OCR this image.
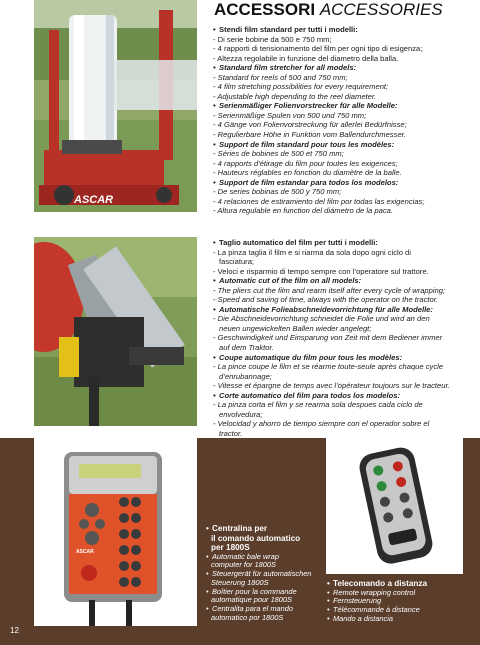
ASCAR
ACCESSORI ACCESSORIES
• Stendi film standard per tutti i modelli:
- Di serie bobine da 500 e 750 mm;
- 4 rapporti di tensionamento del film per ogni tipo di esigenza;
- Altezza regolabile in funzione del diametro della balla.
• Standard film stretcher for all models:
- Standard for reels of 500 and 750 mm;
- 4 film stretching possibilities for every requirement;
- Adjustable high depending to the reel diameter.
• Serienmäßiger Folienvorstrecker für alle Modelle:
- Serienmäßige Spulen von 500 und 750 mm;
- 4 Gänge von Folienvorstreckung für allerlei Bedürfnisse;
- Regulierbare Höhe in Funktion vom Ballendurchmesser.
• Support de film standard pour tous les modèles:
- Séries de bobines de 500 et 750 mm;
- 4 rapports d'étirage du film pour toutes les exigences;
- Hauteurs réglables en fonction du diamètre de la balle.
• Support de film estandar para todos los modelos:
- De series bobinas de 500 y 750 mm;
- 4 relaciones de estiramiento del film por todas las exigencias;
- Altura regulable en function del diámetro de la paca.
• Taglio automatico del film per tutti i modelli:
- La pinza taglia il film e si riarma da sola dopo ogni ciclo di
fasciatura;
- Veloci e risparmio di tempo sempre con l’operatore sul trattore.
• Automatic cut of the film on all models:
- The pliers cut the film and rearm itself after every cycle of wrapping;
- Speed and saving of time, always with the operator on the tractor.
• Automatische Folieabschneidevorrichtung für alle Modelle:
- Die Abschneidevorrichtung schneidet die Folie und wird an den
neuen ungewickelten Ballen wieder angelegt;
- Geschwindigkeit und Einsparung von Zeit mit dem Bediener immer
auf dem Traktor.
• Coupe automatique du film pour tous les modèles:
- La pince coupe le film et se réarme toute-seule après chaque cycle
d’enrubannage;
- Vitesse et épargne de temps avec l’opérateur toujours sur le tracteur.
• Corte automatico del film para todos los modelos:
- La pinza corta el film y se rearma sola despues cada ciclo de
envolvedura;
- Velocidad y ahorro de tiempo siempre con el operador sobre el
tractor.
ASCAR
• Centralina per
il comando automatico
per 1800S
• Automatic bale wrap
computer for 1800S
• Steuergerät für automatischen
Steuerung 1800S
• Boîtier pour la commande
automatique pour 1800S
• Centralita para el mando
automatico por 1800S
• Telecomando a distanza
• Remote wrapping control
• Fernsteuerung
• Télécommande à distance
• Mando a distancia
12
